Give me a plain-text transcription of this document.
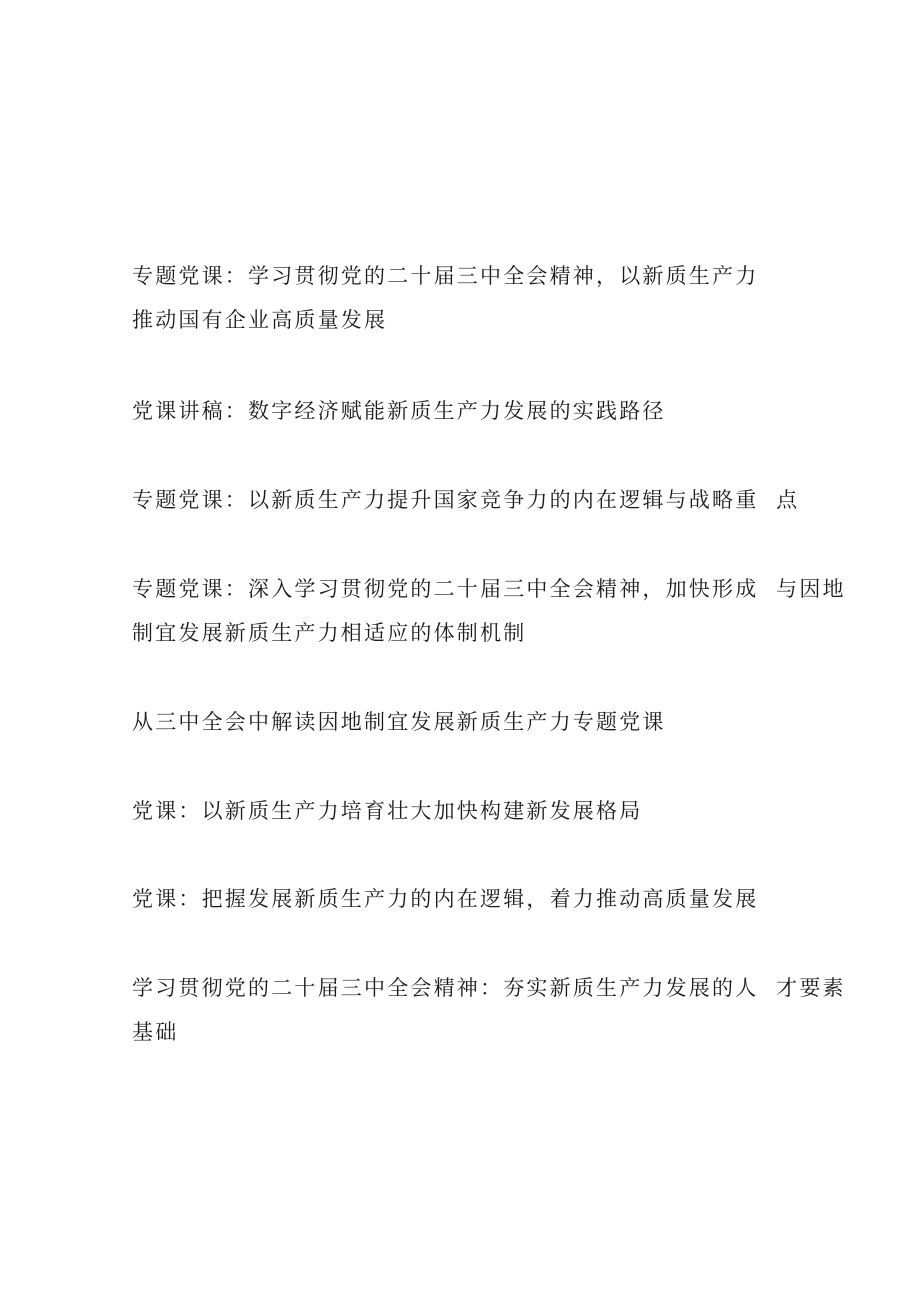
专题党课：学习贯彻党的二十届三中全会精神，以新质生产力
推动国有企业高质量发展

党课讲稿：数字经济赋能新质生产力发展的实践路径

专题党课：以新质生产力提升国家竞争力的内在逻辑与战略重  点

专题党课：深入学习贯彻党的二十届三中全会精神，加快形成  与因地
制宜发展新质生产力相适应的体制机制

从三中全会中解读因地制宜发展新质生产力专题党课

党课：以新质生产力培育壮大加快构建新发展格局

党课：把握发展新质生产力的内在逻辑，着力推动高质量发展

学习贯彻党的二十届三中全会精神：夯实新质生产力发展的人  才要素
基础
